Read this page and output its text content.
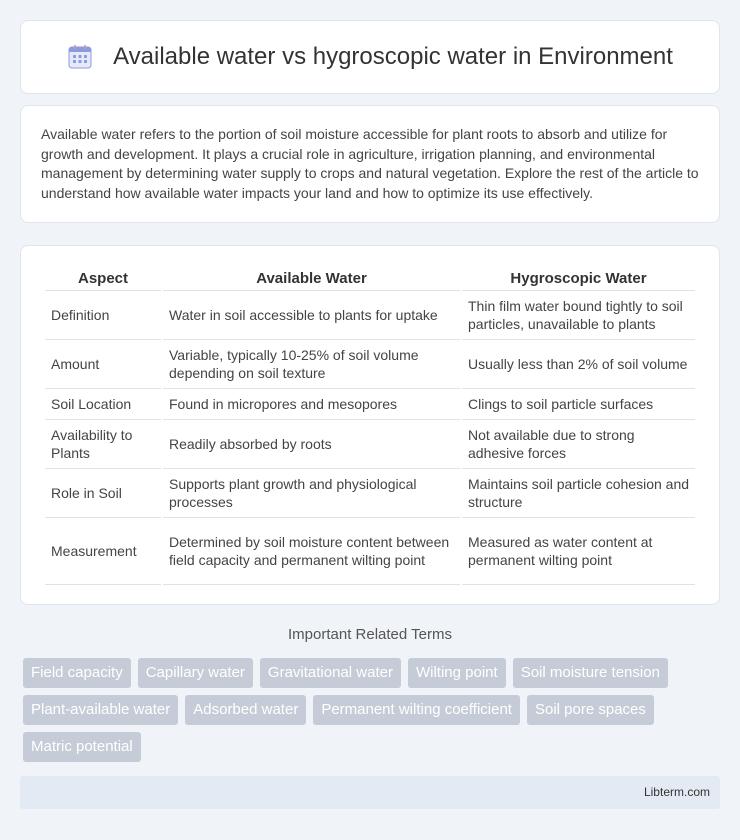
Available water vs hygroscopic water in Environment

Available water refers to the portion of soil moisture accessible for plant roots to absorb and utilize for growth and development. It plays a crucial role in agriculture, irrigation planning, and environmental management by determining water supply to crops and natural vegetation. Explore the rest of the article to understand how available water impacts your land and how to optimize its use effectively.

Aspect	Available Water	Hygroscopic Water
Definition	Water in soil accessible to plants for uptake	Thin film water bound tightly to soil particles, unavailable to plants
Amount	Variable, typically 10-25% of soil volume depending on soil texture	Usually less than 2% of soil volume
Soil Location	Found in micropores and mesopores	Clings to soil particle surfaces
Availability to Plants	Readily absorbed by roots	Not available due to strong adhesive forces
Role in Soil	Supports plant growth and physiological processes	Maintains soil particle cohesion and structure
Measurement	Determined by soil moisture content between field capacity and permanent wilting point	Measured as water content at permanent wilting point
Important Related Terms
Field capacity	Capillary water	Gravitational water	Wilting point	Soil moisture tension
Plant-available water	Adsorbed water	Permanent wilting coefficient	Soil pore spaces
Matric potential
Libterm.com
